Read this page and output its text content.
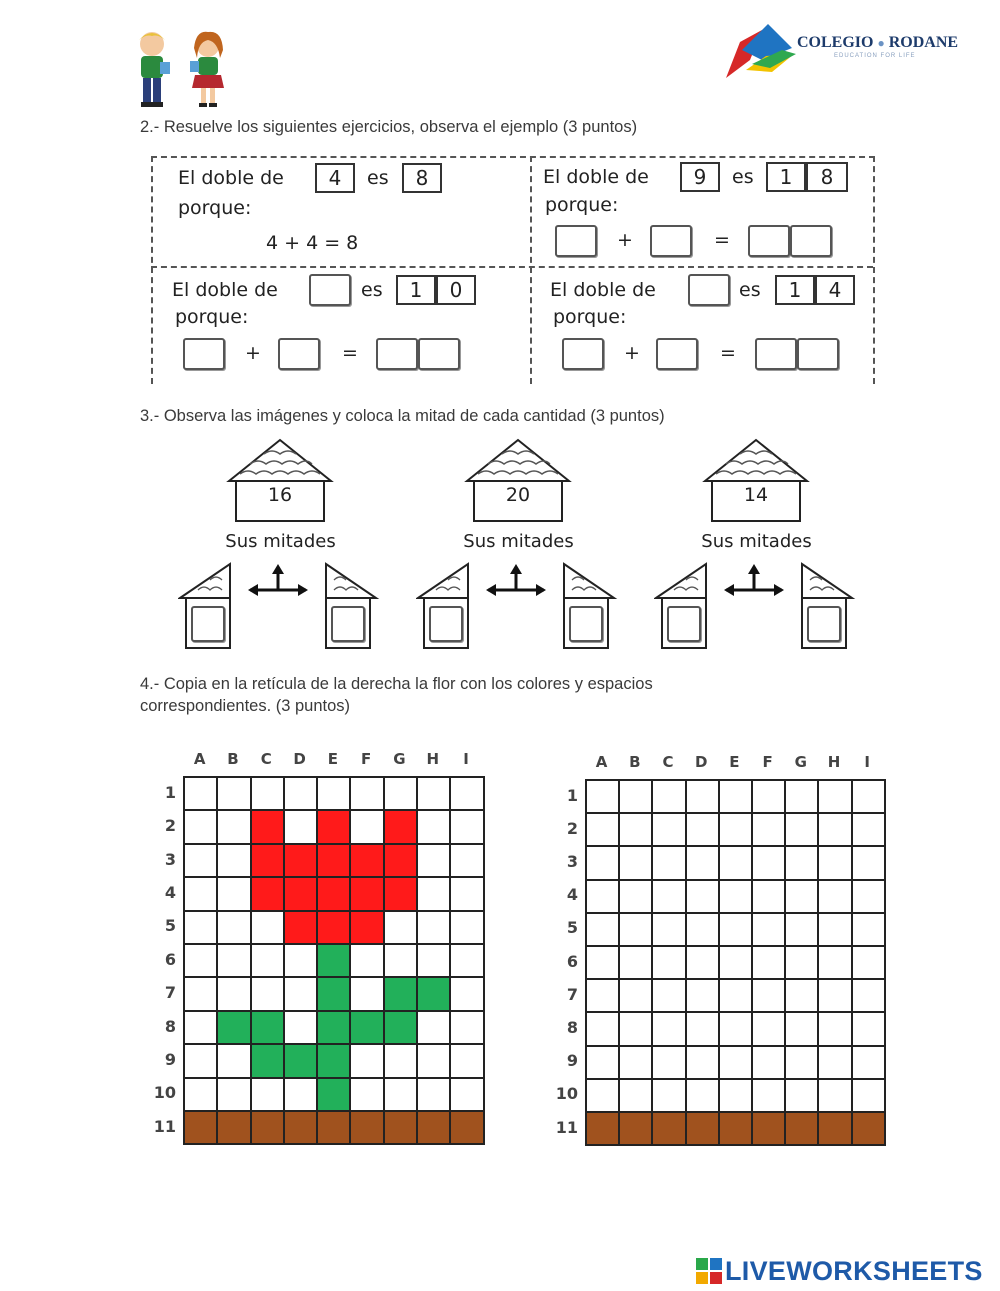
COLEGIO ● RODANE
EDUCATION FOR LIFE
2.- Resuelve los siguientes ejercicios, observa el ejemplo (3 puntos)
El doble de	4	es	8
porque:
4 + 4 = 8
El doble de	9	es	1	8
porque:
+	=
El doble de	es	1	0
porque:
+	=
El doble de	es	1	4
porque:
+	=
3.- Observa las imágenes y coloca la mitad de cada cantidad (3 puntos)
16
Sus mitades
20
Sus mitades
14
Sus mitades
4.- Copia en la retícula de la derecha la flor con los colores y espacios
correspondientes. (3 puntos)
A	B	C	D	E	F	G	H	I
1
2
3
4
5
6
7
8
9
10
11

A	B	C	D	E	F	G	H	I
1
2
3
4
5
6
7
8
9
10
11

LIVEWORKSHEETS
